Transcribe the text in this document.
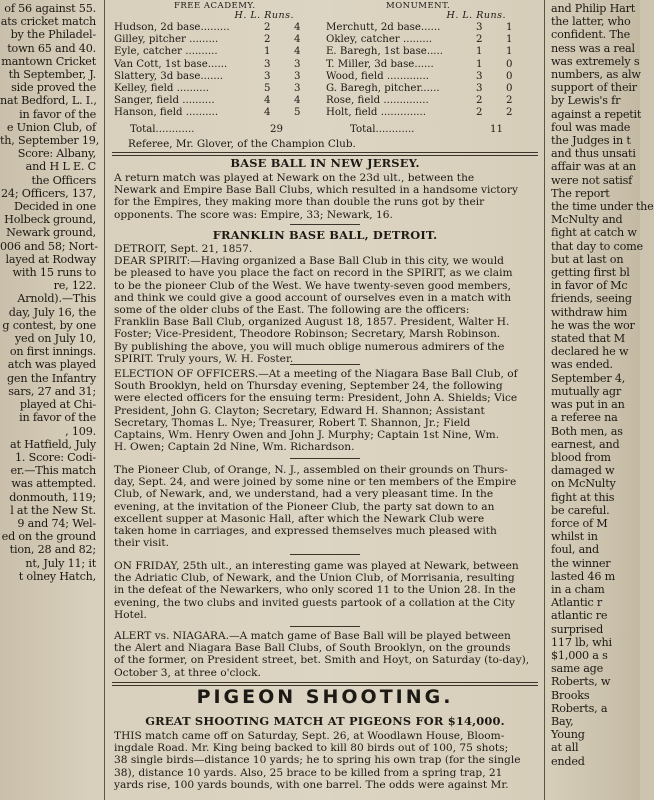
of 56 against 55.
ats cricket match
by the Philadel-
town 65 and 40.
mantown Cricket
th September, J.
side proved the
nat Bedford, L. I.,
in favor of the
e Union Club, of
th, September 19,
Score: Albany,
and H L E. C
the Officers
24; Officers, 137,
Decided in one
Holbeck ground,
Newark ground,
006 and 58; Nort-
layed at Rodway
with 15 runs to
re, 122.
Arnold).—This
day, July 16, the
g contest, by one
yed on July 10,
on first innings.
atch was played
gen the Infantry
sars, 27 and 31;
played at Chi-
in favor of the
, 109.
at Hatfield, July
1. Score: Codi-
er.—This match
was attempted.
donmouth, 119;
l at the New St.
9 and 74; Wel-
ed on the ground
tion, 28 and 82;
nt, July 11; it
t olney Hatch,
FREE ACADEMY.
H. L. Runs.
Hudson, 2d base.........	2 4
Gilley, pitcher .........	2 4
Eyle, catcher ..........	1 4
Van Cott, 1st base......	3 3
Slattery, 3d base.......	3 3
Kelley, field ..........	5 3
Sanger, field ..........	4 4
Hanson, field ..........	4 5
MONUMENT.
H. L. Runs.
Merchutt, 2d base......	3 1
Okley, catcher .........	2 1
E. Baregh, 1st base.....	1 1
T. Miller, 3d base......	1 0
Wood, field .............	3 0
G. Baregh, pitcher......	3 0
Rose, field ..............	2 2
Holt, field ..............	2 2
Total............	29	Total............	11
Referee, Mr. Glover, of the Champion Club.
BASE BALL IN NEW JERSEY.
A return match was played at Newark on the 23d ult., between the
Newark and Empire Base Ball Clubs, which resulted in a handsome victory
for the Empires, they making more than double the runs got by their
opponents. The score was: Empire, 33; Newark, 16.
FRANKLIN BASE BALL, DETROIT.
DETROIT, Sept. 21, 1857.
DEAR SPIRIT:—Having organized a Base Ball Club in this city, we would
be pleased to have you place the fact on record in the SPIRIT, as we claim
to be the pioneer Club of the West. We have twenty-seven good members,
and think we could give a good account of ourselves even in a match with
some of the older clubs of the East. The following are the officers:
Franklin Base Ball Club, organized August 18, 1857. President, Walter H.
Foster; Vice-President, Theodore Robinson; Secretary, Marsh Robinson.
By publishing the above, you will much oblige numerous admirers of the
SPIRIT. Truly yours, W. H. Foster.
ELECTION OF OFFICERS.—At a meeting of the Niagara Base Ball Club, of
South Brooklyn, held on Thursday evening, September 24, the following
were elected officers for the ensuing term: President, John A. Shields; Vice
President, John G. Clayton; Secretary, Edward H. Shannon; Assistant
Secretary, Thomas L. Nye; Treasurer, Robert T. Shannon, Jr.; Field
Captains, Wm. Henry Owen and John J. Murphy; Captain 1st Nine, Wm.
H. Owen; Captain 2d Nine, Wm. Richardson.
The Pioneer Club, of Orange, N. J., assembled on their grounds on Thurs-
day, Sept. 24, and were joined by some nine or ten members of the Empire
Club, of Newark, and, we understand, had a very pleasant time. In the
evening, at the invitation of the Pioneer Club, the party sat down to an
excellent supper at Masonic Hall, after which the Newark Club were
taken home in carriages, and expressed themselves much pleased with
their visit.
ON FRIDAY, 25th ult., an interesting game was played at Newark, between
the Adriatic Club, of Newark, and the Union Club, of Morrisania, resulting
in the defeat of the Newarkers, who only scored 11 to the Union 28. In the
evening, the two clubs and invited guests partook of a collation at the City
Hotel.
ALERT vs. NIAGARA.—A match game of Base Ball will be played between
the Alert and Niagara Base Ball Clubs, of South Brooklyn, on the grounds
of the former, on President street, bet. Smith and Hoyt, on Saturday (to-day),
October 3, at three o'clock.
PIGEON SHOOTING.
GREAT SHOOTING MATCH AT PIGEONS FOR $14,000.
THIS match came off on Saturday, Sept. 26, at Woodlawn House, Bloom-
ingdale Road. Mr. King being backed to kill 80 birds out of 100, 75 shots;
38 single birds—distance 10 yards; he to spring his own trap (for the single
38), distance 10 yards. Also, 25 brace to be killed from a spring trap, 21
yards rise, 100 yards bounds, with one barrel. The odds were against Mr.
and Philip Hart
the latter, who
confident. The
ness was a real
was extremely s
numbers, as alw
support of their
by Lewis's fr
against a repetit
foul was made
the Judges in t
and thus unsati
affair was at an
were not satisf
The report
the time under the
McNulty and
fight at catch w
that day to come
but at last on
getting first bl
in favor of Mc
friends, seeing
withdraw him
he was the wor
stated that M
declared he w
was ended.
September 4,
mutually agr
was put in an
a referee na
Both men, as
earnest, and
blood from
damaged w
on McNulty
fight at this
be careful.
force of M
whilst in
foul, and
the winner
lasted 46 m
in a cham
Atlantic r
atlantic re
surprised
117 lb, whi
$1,000 a s
same age
Roberts, w
Brooks
Roberts, a
Bay,
Young
at all
ended
